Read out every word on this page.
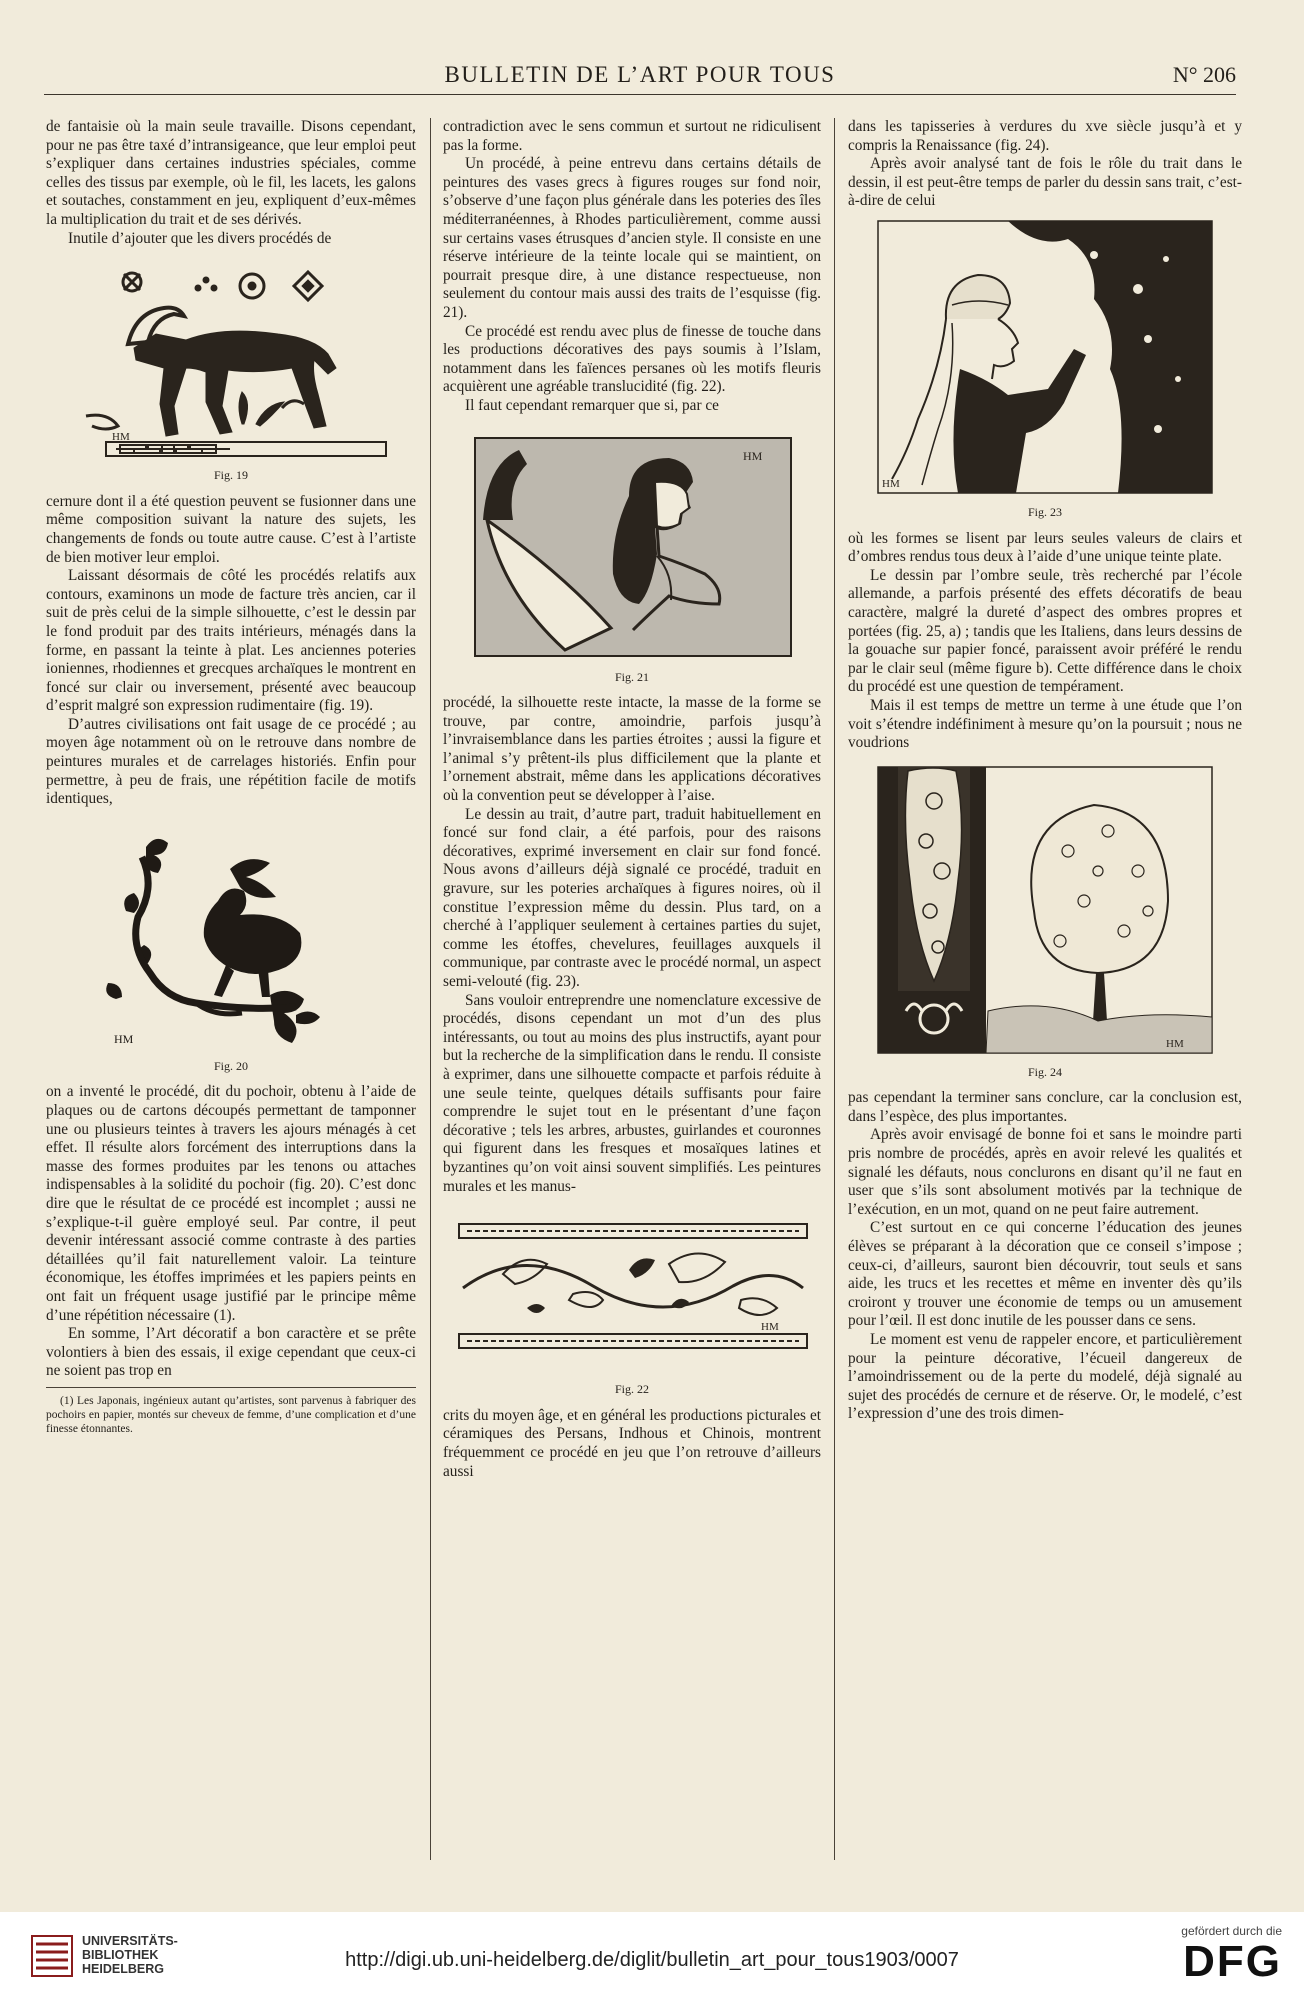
BULLETIN DE L’ART POUR TOUS	N° 206

de fantaisie où la main seule travaille. Disons cependant, pour ne pas être taxé d’intransigeance, que leur emploi peut s’expliquer dans certaines industries spéciales, comme celles des tissus par exemple, où le fil, les lacets, les galons et soutaches, constamment en jeu, expliquent d’eux-mêmes la multiplication du trait et de ses dérivés.

Inutile d’ajouter que les divers procédés de

HM
Fig. 19

cernure dont il a été question peuvent se fusionner dans une même composition suivant la nature des sujets, les changements de fonds ou toute autre cause. C’est à l’artiste de bien motiver leur emploi.

Laissant désormais de côté les procédés relatifs aux contours, examinons un mode de facture très ancien, car il suit de près celui de la simple silhouette, c’est le dessin par le fond produit par des traits intérieurs, ménagés dans la forme, en passant la teinte à plat. Les anciennes poteries ioniennes, rhodiennes et grecques archaïques le montrent en foncé sur clair ou inversement, présenté avec beaucoup d’esprit malgré son expression rudimentaire (fig. 19).

D’autres civilisations ont fait usage de ce procédé ; au moyen âge notamment où on le retrouve dans nombre de peintures murales et de carrelages historiés. Enfin pour permettre, à peu de frais, une répétition facile de motifs identiques,

HM
Fig. 20

on a inventé le procédé, dit du pochoir, obtenu à l’aide de plaques ou de cartons découpés permettant de tamponner une ou plusieurs teintes à travers les ajours ménagés à cet effet. Il résulte alors forcément des interruptions dans la masse des formes produites par les tenons ou attaches indispensables à la solidité du pochoir (fig. 20). C’est donc dire que le résultat de ce procédé est incomplet ; aussi ne s’explique-t-il guère employé seul. Par contre, il peut devenir intéressant associé comme contraste à des parties détaillées qu’il fait naturellement valoir. La teinture économique, les étoffes imprimées et les papiers peints en ont fait un fréquent usage justifié par le principe même d’une répétition nécessaire (1).

En somme, l’Art décoratif a bon caractère et se prête volontiers à bien des essais, il exige cependant que ceux-ci ne soient pas trop en

(1) Les Japonais, ingénieux autant qu’artistes, sont parvenus à fabriquer des pochoirs en papier, montés sur cheveux de femme, d’une complication et d’une finesse étonnantes.

contradiction avec le sens commun et surtout ne ridiculisent pas la forme.

Un procédé, à peine entrevu dans certains détails de peintures des vases grecs à figures rouges sur fond noir, s’observe d’une façon plus générale dans les poteries des îles méditerranéennes, à Rhodes particulièrement, comme aussi sur certains vases étrusques d’ancien style. Il consiste en une réserve intérieure de la teinte locale qui se maintient, on pourrait presque dire, à une distance respectueuse, non seulement du contour mais aussi des traits de l’esquisse (fig. 21).

Ce procédé est rendu avec plus de finesse de touche dans les productions décoratives des pays soumis à l’Islam, notamment dans les faïences persanes où les motifs fleuris acquièrent une agréable translucidité (fig. 22).

Il faut cependant remarquer que si, par ce

HM
Fig. 21

procédé, la silhouette reste intacte, la masse de la forme se trouve, par contre, amoindrie, parfois jusqu’à l’invraisemblance dans les parties étroites ; aussi la figure et l’animal s’y prêtent-ils plus difficilement que la plante et l’ornement abstrait, même dans les applications décoratives où la convention peut se développer à l’aise.

Le dessin au trait, d’autre part, traduit habituellement en foncé sur fond clair, a été parfois, pour des raisons décoratives, exprimé inversement en clair sur fond foncé. Nous avons d’ailleurs déjà signalé ce procédé, traduit en gravure, sur les poteries archaïques à figures noires, où il constitue l’expression même du dessin. Plus tard, on a cherché à l’appliquer seulement à certaines parties du sujet, comme les étoffes, chevelures, feuillages auxquels il communique, par contraste avec le procédé normal, un aspect semi-velouté (fig. 23).

Sans vouloir entreprendre une nomenclature excessive de procédés, disons cependant un mot d’un des plus intéressants, ou tout au moins des plus instructifs, ayant pour but la recherche de la simplification dans le rendu. Il consiste à exprimer, dans une silhouette compacte et parfois réduite à une seule teinte, quelques détails suffisants pour faire comprendre le sujet tout en le présentant d’une façon décorative ; tels les arbres, arbustes, guirlandes et couronnes qui figurent dans les fresques et mosaïques latines et byzantines qu’on voit ainsi souvent simplifiés. Les peintures murales et les manus-

HM
Fig. 22

crits du moyen âge, et en général les productions picturales et céramiques des Persans, Indhous et Chinois, montrent fréquemment ce procédé en jeu que l’on retrouve d’ailleurs aussi

dans les tapisseries à verdures du xve siècle jusqu’à et y compris la Renaissance (fig. 24).

Après avoir analysé tant de fois le rôle du trait dans le dessin, il est peut-être temps de parler du dessin sans trait, c’est-à-dire de celui

HM
Fig. 23

où les formes se lisent par leurs seules valeurs de clairs et d’ombres rendus tous deux à l’aide d’une unique teinte plate.

Le dessin par l’ombre seule, très recherché par l’école allemande, a parfois présenté des effets décoratifs de beau caractère, malgré la dureté d’aspect des ombres propres et portées (fig. 25, a) ; tandis que les Italiens, dans leurs dessins de la gouache sur papier foncé, paraissent avoir préféré le rendu par le clair seul (même figure b). Cette différence dans le choix du procédé est une question de tempérament.

Mais il est temps de mettre un terme à une étude que l’on voit s’étendre indéfiniment à mesure qu’on la poursuit ; nous ne voudrions

HM
Fig. 24

pas cependant la terminer sans conclure, car la conclusion est, dans l’espèce, des plus importantes.

Après avoir envisagé de bonne foi et sans le moindre parti pris nombre de procédés, après en avoir relevé les qualités et signalé les défauts, nous conclurons en disant qu’il ne faut en user que s’ils sont absolument motivés par la technique de l’exécution, en un mot, quand on ne peut faire autrement.

C’est surtout en ce qui concerne l’éducation des jeunes élèves se préparant à la décoration que ce conseil s’impose ; ceux-ci, d’ailleurs, sauront bien découvrir, tout seuls et sans aide, les trucs et les recettes et même en inventer dès qu’ils croiront y trouver une économie de temps ou un amusement pour l’œil. Il est donc inutile de les pousser dans ce sens.

Le moment est venu de rappeler encore, et particulièrement pour la peinture décorative, l’écueil dangereux de l’amoindrissement ou de la perte du modelé, déjà signalé au sujet des procédés de cernure et de réserve. Or, le modelé, c’est l’expression d’une des trois dimen-

UNIVERSITÄTS-
BIBLIOTHEK
HEIDELBERG	http://digi.ub.uni-heidelberg.de/diglit/bulletin_art_pour_tous1903/0007
gefördert durch die
DFG
